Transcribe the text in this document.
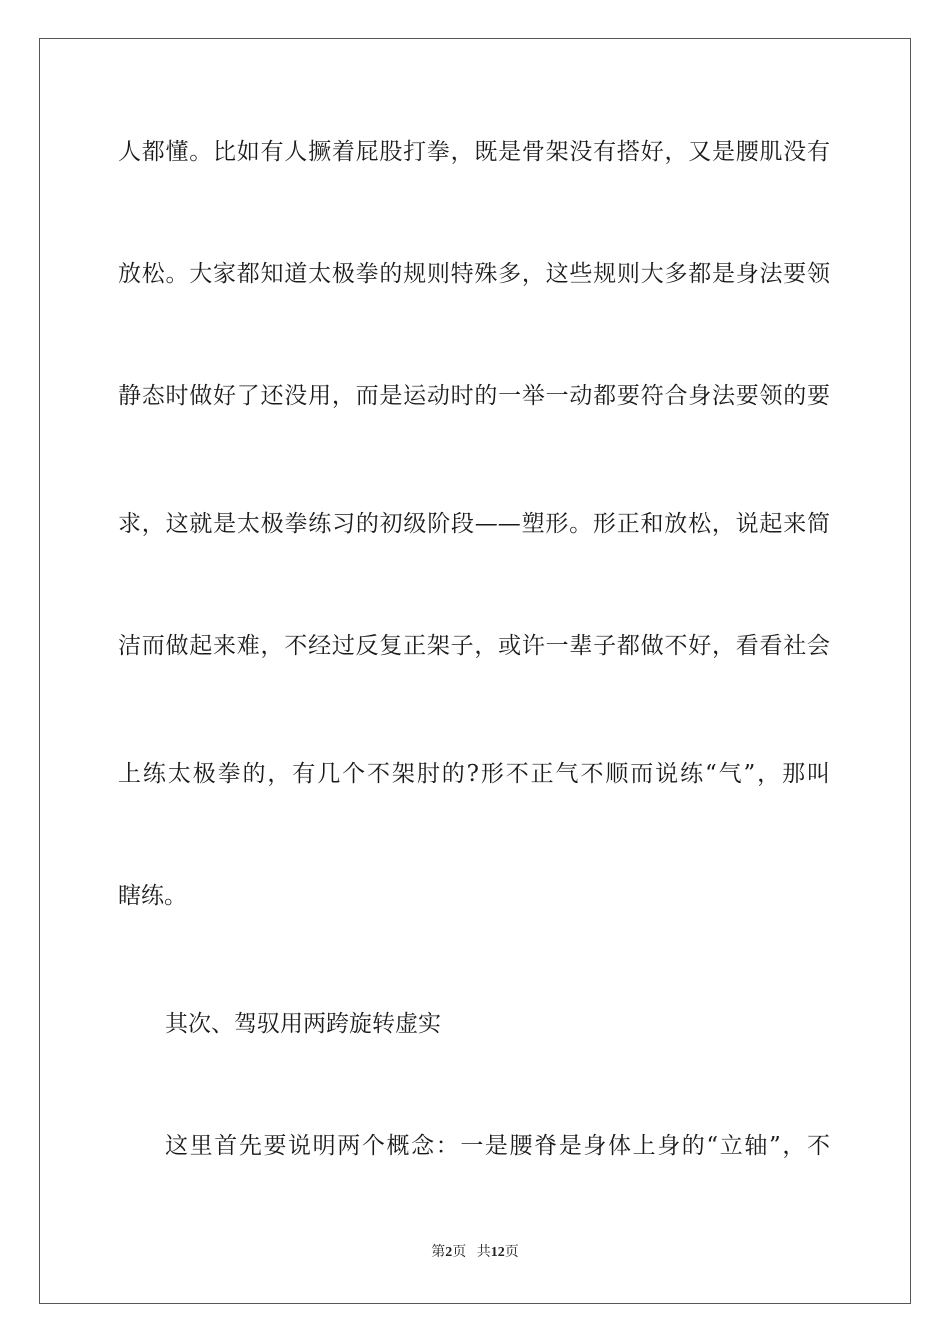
人都懂。比如有人撅着屁股打拳，既是骨架没有搭好，又是腰肌没有
放松。大家都知道太极拳的规则特殊多，这些规则大多都是身法要领
静态时做好了还没用，而是运动时的一举一动都要符合身法要领的要
求，这就是太极拳练习的初级阶段——塑形。形正和放松，说起来简
洁而做起来难，不经过反复正架子，或许一辈子都做不好，看看社会
上练太极拳的，有几个不架肘的?形不正气不顺而说练“气”，那叫
瞎练。
其次、驾驭用两跨旋转虚实
这里首先要说明两个概念：一是腰脊是身体上身的“立轴”，不
第2页 共12页
